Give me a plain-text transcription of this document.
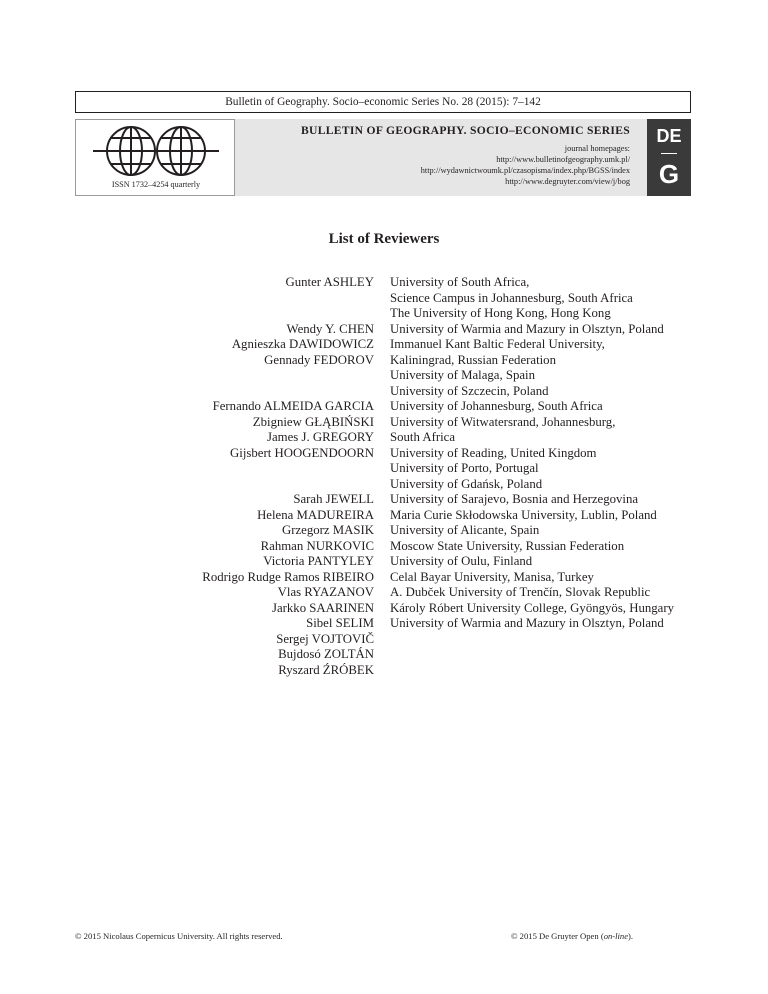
Bulletin of Geography. Socio–economic Series No. 28 (2015): 7–142
ISSN 1732–4254 quarterly
BULLETIN OF GEOGRAPHY. SOCIO–ECONOMIC SERIES
journal homepages:
http://www.bulletinofgeography.umk.pl/
http://wydawnictwoumk.pl/czasopisma/index.php/BGSS/index
http://www.degruyter.com/view/j/bog
DE
G
List of Reviewers
Gunter ASHLEY
Wendy Y. CHEN
Agnieszka DAWIDOWICZ
Gennady FEDOROV
Fernando ALMEIDA GARCIA
Zbigniew GŁĄBIŃSKI
James J. GREGORY
Gijsbert HOOGENDOORN
Sarah JEWELL
Helena MADUREIRA
Grzegorz MASIK
Rahman NURKOVIC
Victoria PANTYLEY
Rodrigo Rudge Ramos RIBEIRO
Vlas RYAZANOV
Jarkko SAARINEN
Sibel SELIM
Sergej VOJTOVIČ
Bujdosó ZOLTÁN
Ryszard ŹRÓBEK
University of South Africa,
Science Campus in Johannesburg, South Africa
The University of Hong Kong, Hong Kong
University of Warmia and Mazury in Olsztyn, Poland
Immanuel Kant Baltic Federal University,
Kaliningrad, Russian Federation
University of Malaga, Spain
University of Szczecin, Poland
University of Johannesburg, South Africa
University of Witwatersrand, Johannesburg,
South Africa
University of Reading, United Kingdom
University of Porto, Portugal
University of Gdańsk, Poland
University of Sarajevo, Bosnia and Herzegovina
Maria Curie Skłodowska University, Lublin, Poland
University of Alicante, Spain
Moscow State University, Russian Federation
University of Oulu, Finland
Celal Bayar University, Manisa, Turkey
A. Dubček University of Trenčín, Slovak Republic
Károly Róbert University College, Gyöngyös, Hungary
University of Warmia and Mazury in Olsztyn, Poland
© 2015 Nicolaus Copernicus University. All rights reserved.	© 2015 De Gruyter Open (on-line).
